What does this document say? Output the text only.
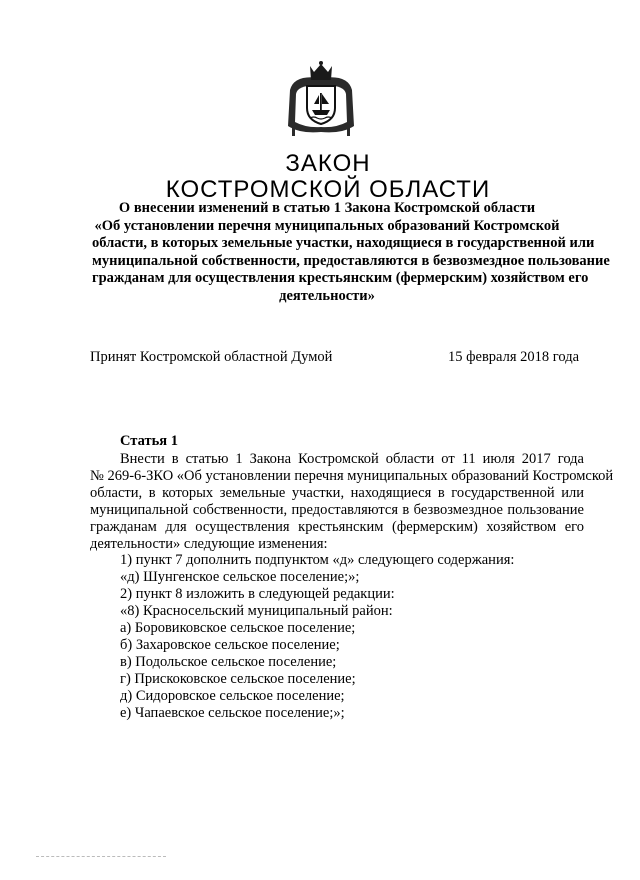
ЗАКОН
КОСТРОМСКОЙ ОБЛАСТИ
О внесении изменений в статью 1 Закона Костромской области
«Об установлении перечня муниципальных образований Костромской
области, в которых земельные участки, находящиеся в государственной или
муниципальной собственности, предоставляются в безвозмездное пользование
гражданам для осуществления крестьянским (фермерским) хозяйством его
деятельности»
Принят Костромской областной Думой	15 февраля 2018 года
Статья 1
Внести в статью 1 Закона Костромской области от 11 июля 2017 года
№ 269-6-ЗКО «Об установлении перечня муниципальных образований Костромской
области, в которых земельные участки, находящиеся в государственной или
муниципальной собственности, предоставляются в безвозмездное пользование
гражданам для осуществления крестьянским (фермерским) хозяйством его
деятельности» следующие изменения:
1) пункт 7 дополнить подпунктом «д» следующего содержания:
«д) Шунгенское сельское поселение;»;
2) пункт 8 изложить в следующей редакции:
«8) Красносельский муниципальный район:
а) Боровиковское сельское поселение;
б) Захаровское сельское поселение;
в) Подольское сельское поселение;
г) Прискоковское сельское поселение;
д) Сидоровское сельское поселение;
е) Чапаевское сельское поселение;»;
